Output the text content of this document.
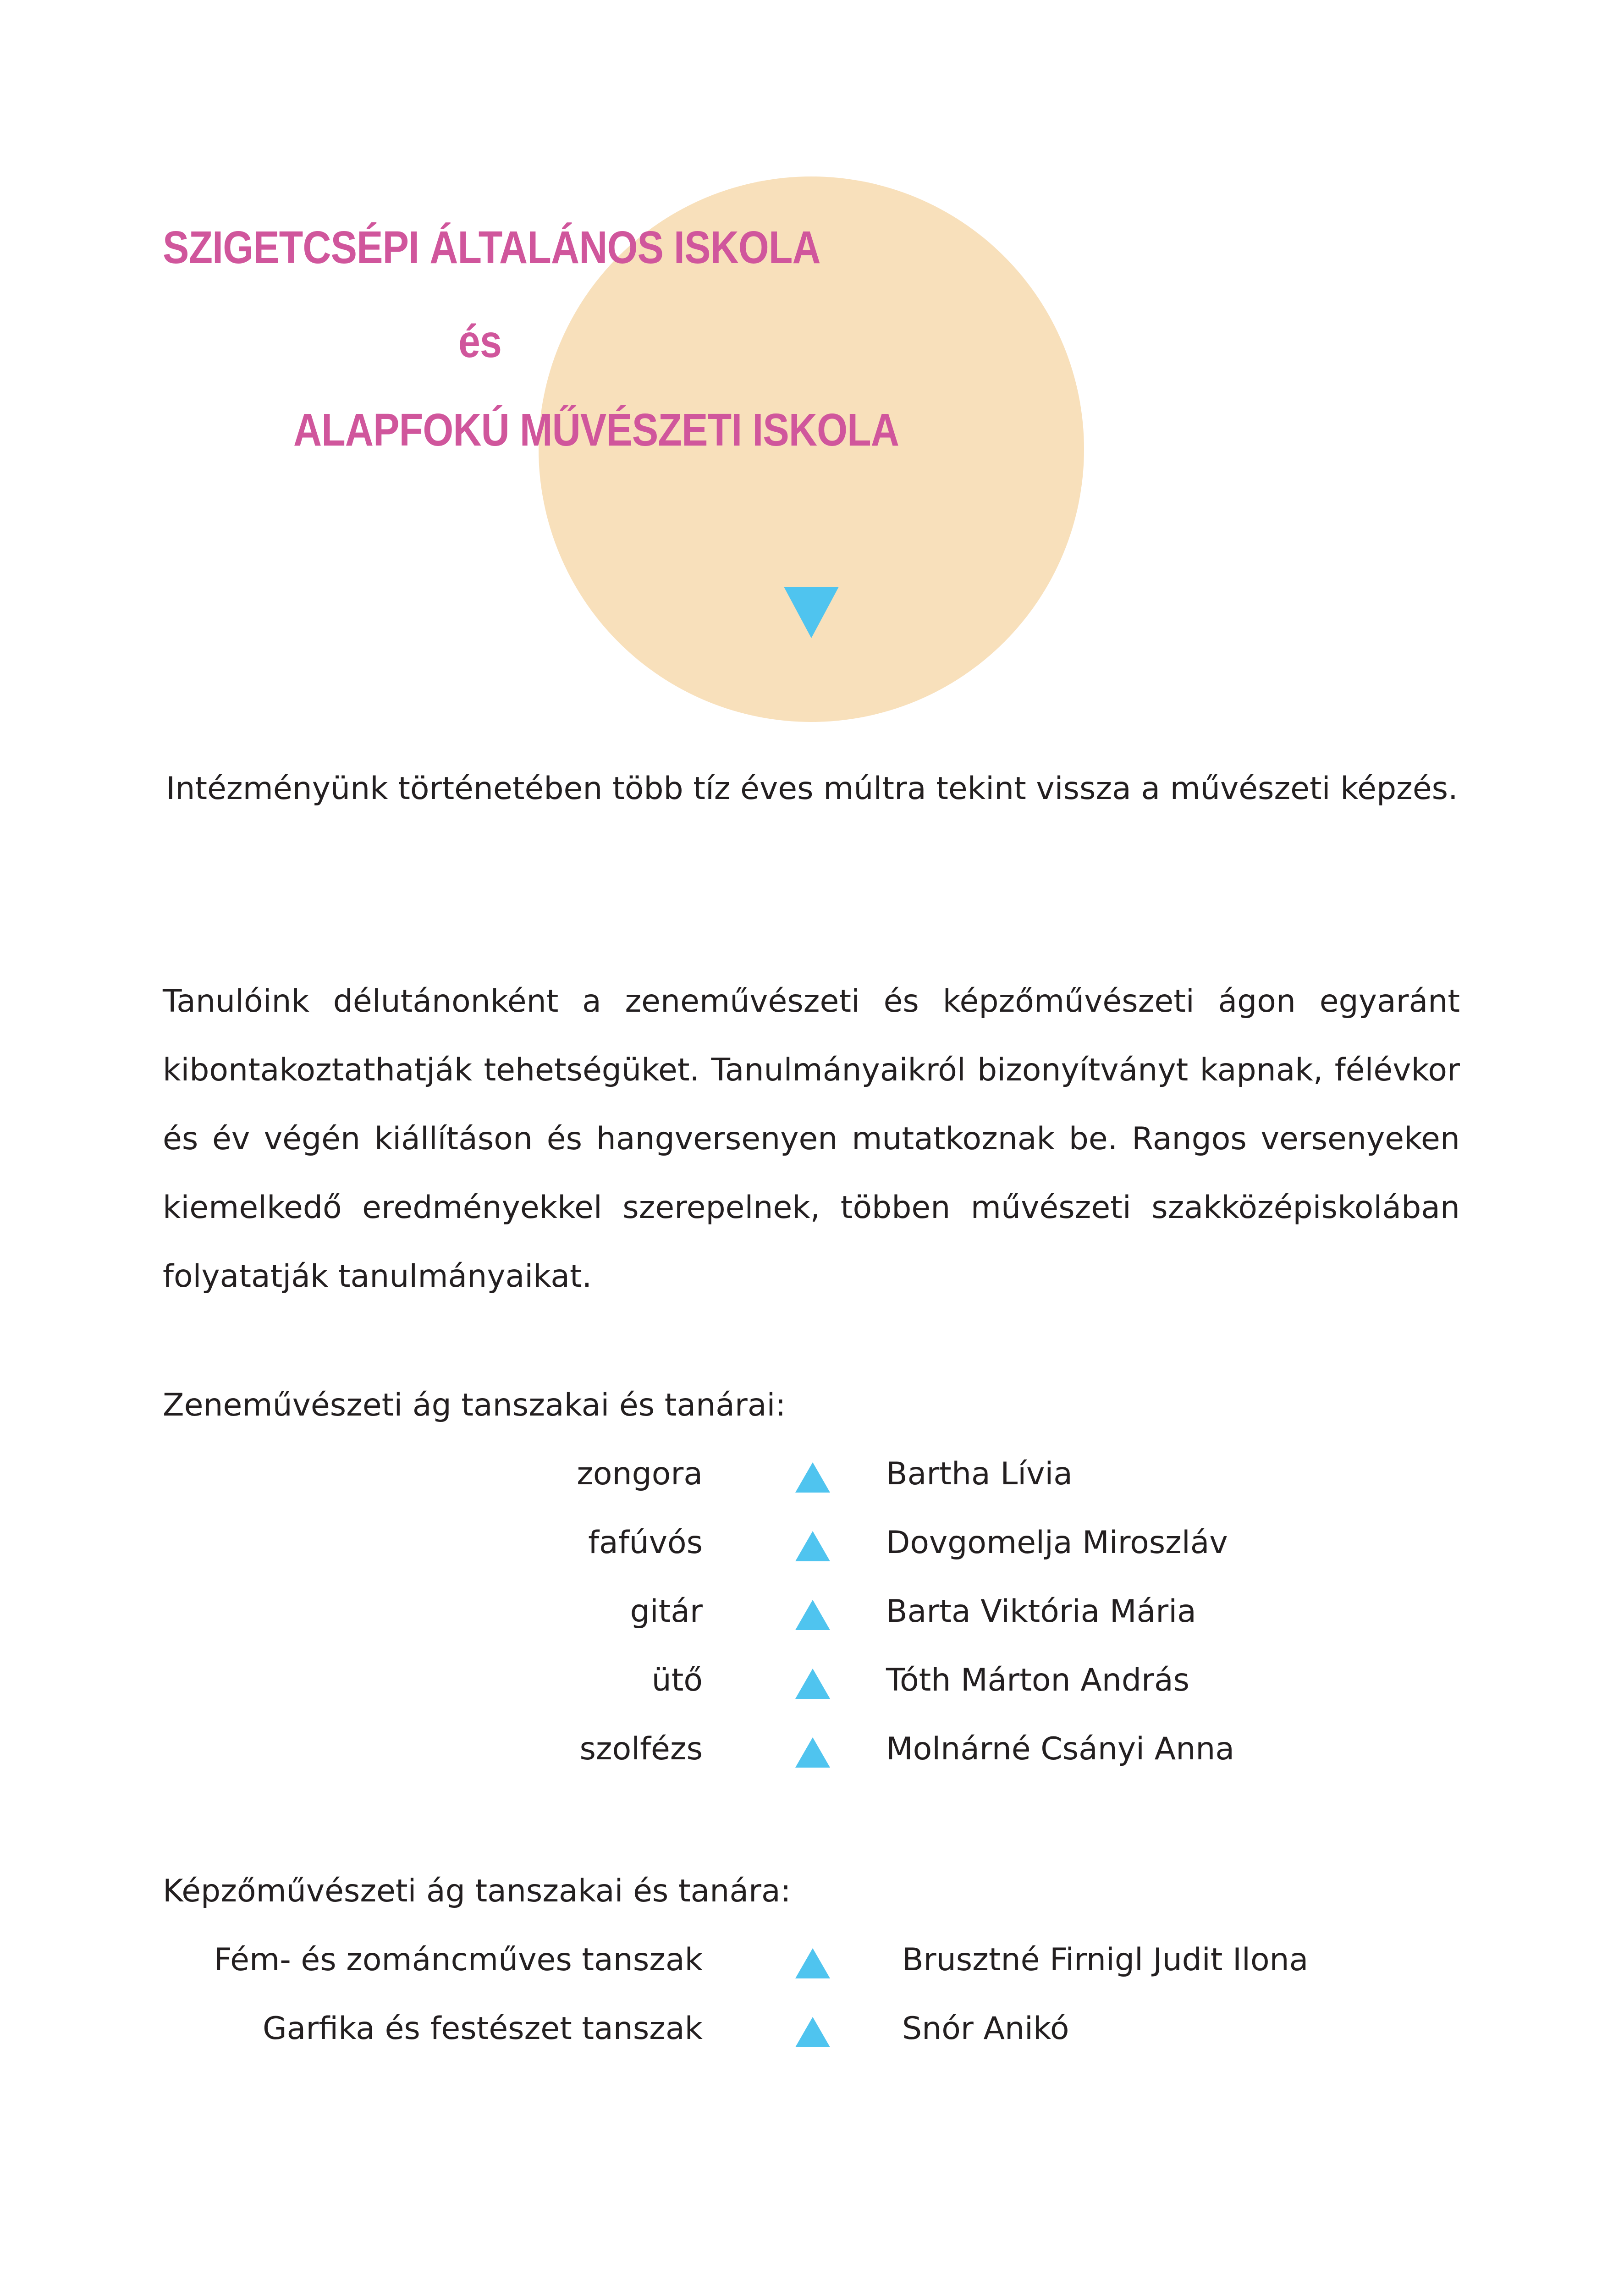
SZIGETCSÉPI ÁLTALÁNOS ISKOLA
és
ALAPFOKÚ MŰVÉSZETI ISKOLA
Intézményünk történetében több tíz éves múltra tekint vissza a művészeti képzés.

Tanulóink délutánonként a zeneművészeti és képzőművészeti ágon egyaránt kibontakoztathatják tehetségüket. Tanulmányaikról bizonyítványt kapnak, félévkor és év végén kiállításon és hangversenyen mutatkoznak be. Rangos versenyeken kiemelkedő eredményekkel szerepelnek, többen művészeti szakközépiskolában folyatatják tanulmányaikat.

Zeneművészeti ág tanszakai és tanárai:
zongora	Bartha Lívia
fafúvós	Dovgomelja Miroszláv
gitár	Barta Viktória Mária
ütő	Tóth Márton András
szolfézs	Molnárné Csányi Anna
Képzőművészeti ág tanszakai és tanára:
Fém- és zománcműves tanszak	Brusztné Firnigl Judit Ilona
Garfika és festészet tanszak	Snór Anikó
